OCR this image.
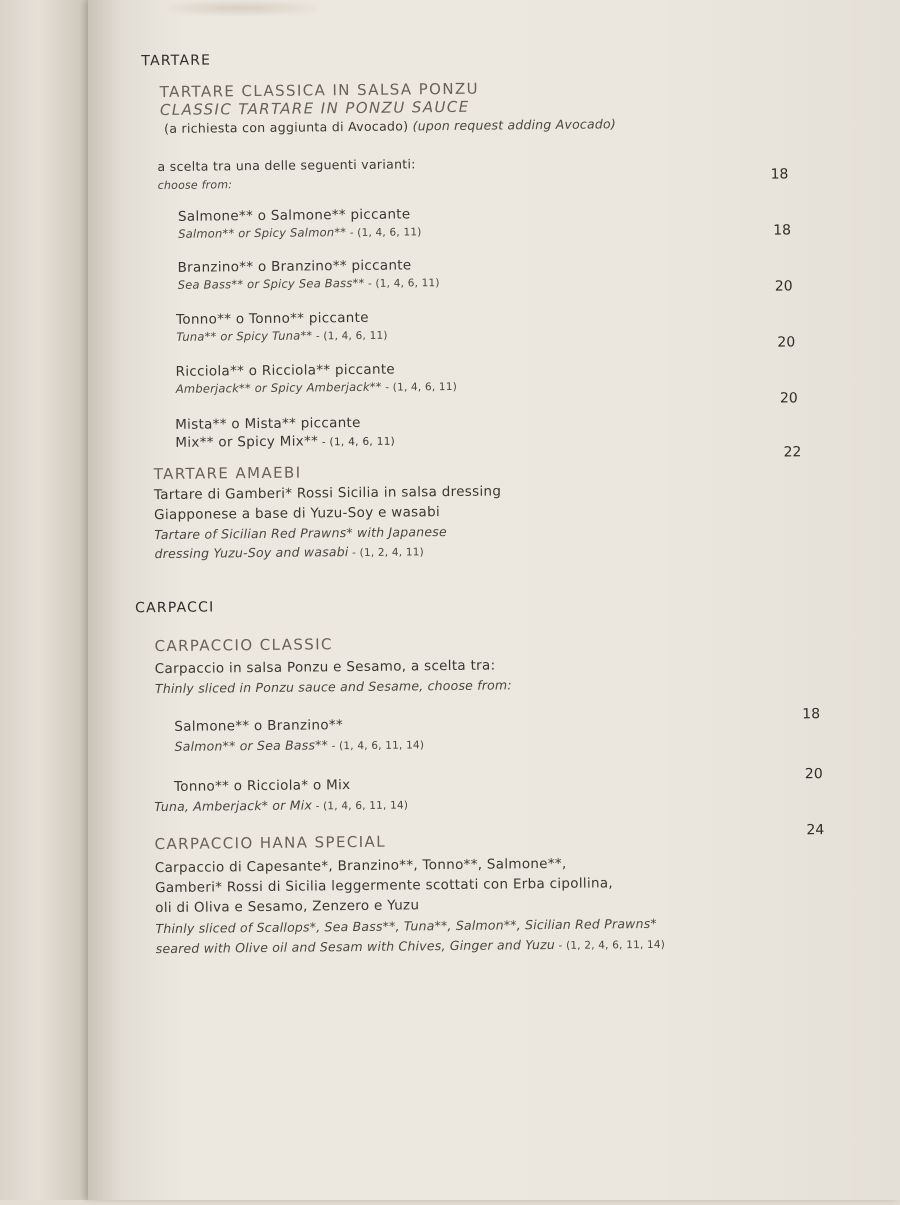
TARTARE
TARTARE CLASSICA IN SALSA PONZU
CLASSIC TARTARE IN PONZU SAUCE
(a richiesta con aggiunta di Avocado) (upon request adding Avocado)
a scelta tra una delle seguenti varianti:
choose from:
Salmone** o Salmone** piccante
Salmon** or Spicy Salmon** - (1, 4, 6, 11)
Branzino** o Branzino** piccante
Sea Bass** or Spicy Sea Bass** - (1, 4, 6, 11)
Tonno** o Tonno** piccante
Tuna** or Spicy Tuna** - (1, 4, 6, 11)
Ricciola** o Ricciola** piccante
Amberjack** or Spicy Amberjack** - (1, 4, 6, 11)
Mista** o Mista** piccante
Mix** or Spicy Mix** - (1, 4, 6, 11)
18
18
20
20
20
TARTARE AMAEBI
22
Tartare di Gamberi* Rossi Sicilia in salsa dressing
Giapponese a base di Yuzu-Soy e wasabi
Tartare of Sicilian Red Prawns* with Japanese
dressing Yuzu-Soy and wasabi - (1, 2, 4, 11)
CARPACCI
CARPACCIO CLASSIC
Carpaccio in salsa Ponzu e Sesamo, a scelta tra:
Thinly sliced in Ponzu sauce and Sesame, choose from:
Salmone** o Branzino**
Salmon** or Sea Bass** - (1, 4, 6, 11, 14)
18
Tonno** o Ricciola* o Mix
Tuna, Amberjack* or Mix - (1, 4, 6, 11, 14)
20
CARPACCIO HANA SPECIAL
24
Carpaccio di Capesante*, Branzino**, Tonno**, Salmone**,
Gamberi* Rossi di Sicilia leggermente scottati con Erba cipollina,
oli di Oliva e Sesamo, Zenzero e Yuzu
Thinly sliced of Scallops*, Sea Bass**, Tuna**, Salmon**, Sicilian Red Prawns*
seared with Olive oil and Sesam with Chives, Ginger and Yuzu - (1, 2, 4, 6, 11, 14)
